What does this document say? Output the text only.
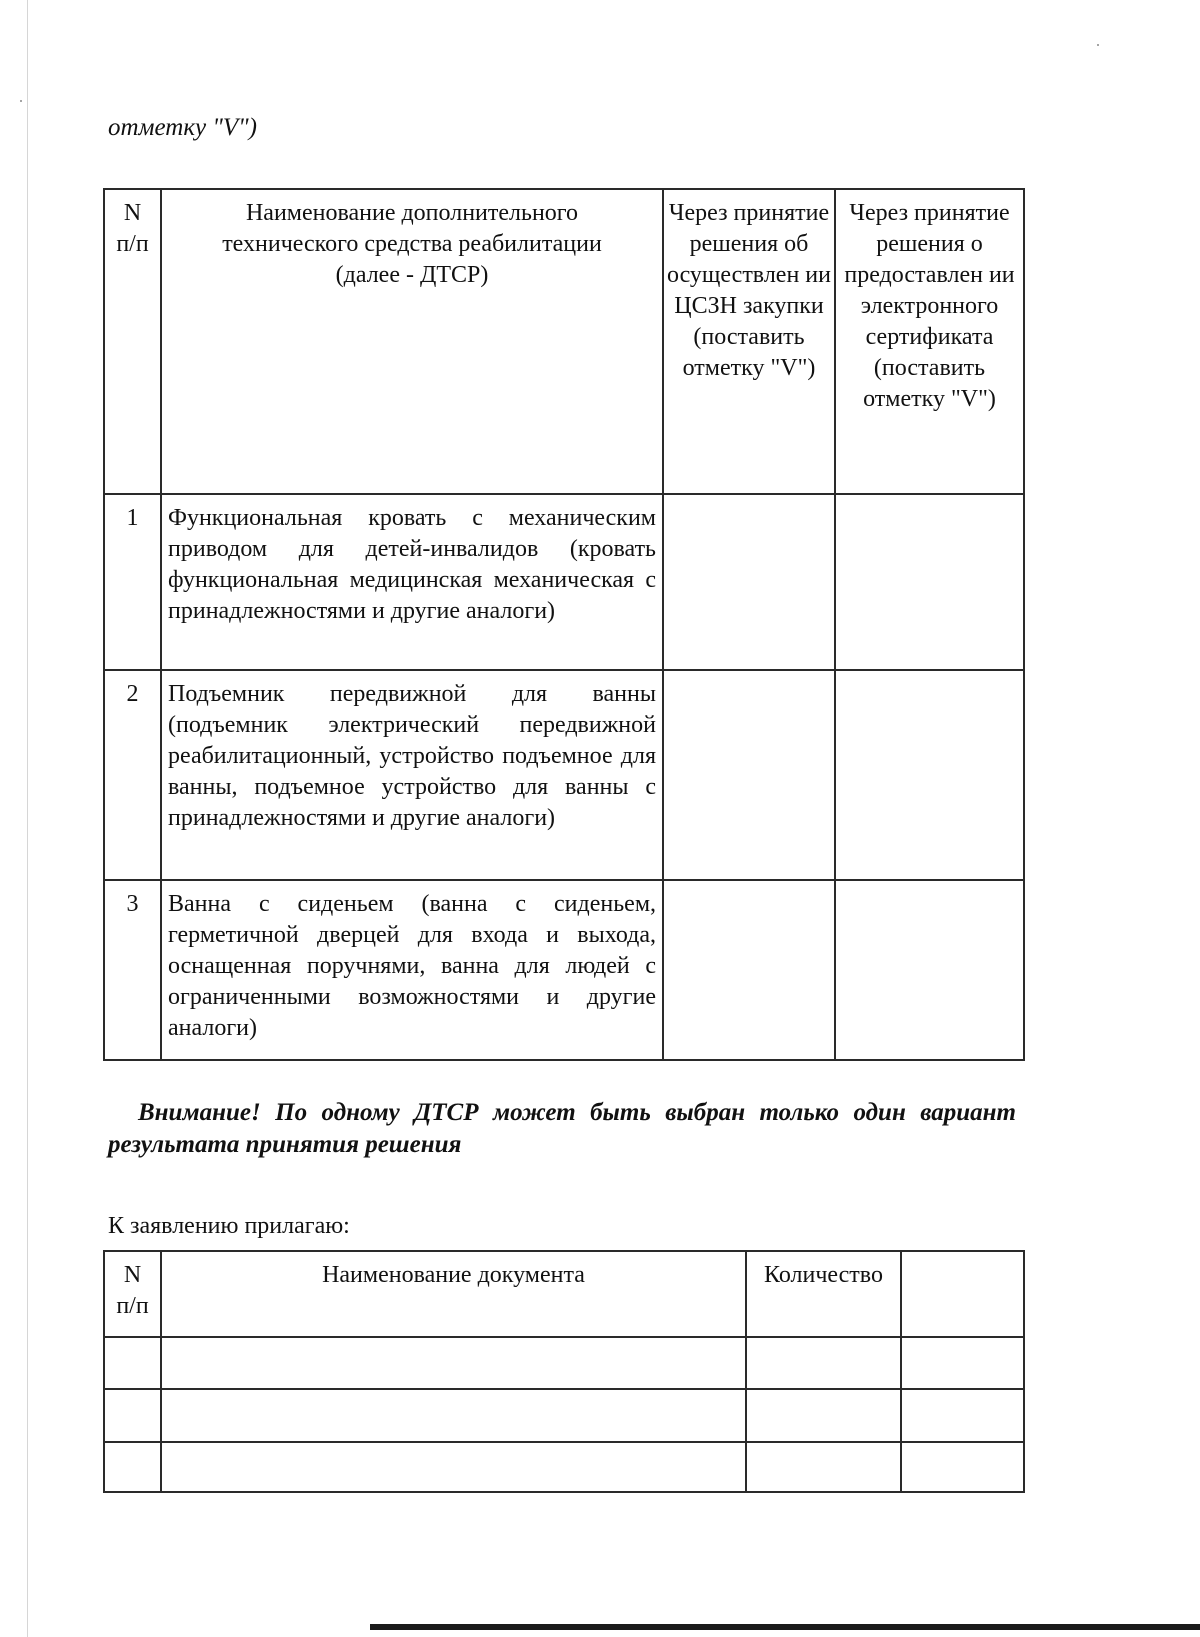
отметку "V")

N
п/п	Наименование дополнительного технического средства реабилитации (далее - ДТСР)	Через принятие решения об осуществлен ии ЦСЗН закупки (поставить отметку "V")	Через принятие решения о предоставлен ии электронного сертификата (поставить отметку "V")
1	Функциональная кровать с механическим приводом для детей-инвалидов (кровать функциональная медицинская механическая с принадлежностями и другие аналоги)		
2	Подъемник передвижной для ванны (подъемник электрический передвижной реабилитационный, устройство подъемное для ванны, подъемное устройство для ванны с принадлежностями и другие аналоги)		
3	Ванна с сиденьем (ванна с сиденьем, герметичной дверцей для входа и выхода, оснащенная поручнями, ванна для людей с ограниченными возможностями и другие аналоги)		

Внимание! По одному ДТСР может быть выбран только один вариант результата принятия решения

К заявлению прилагаю:

N
п/п	Наименование документа	Количество	
